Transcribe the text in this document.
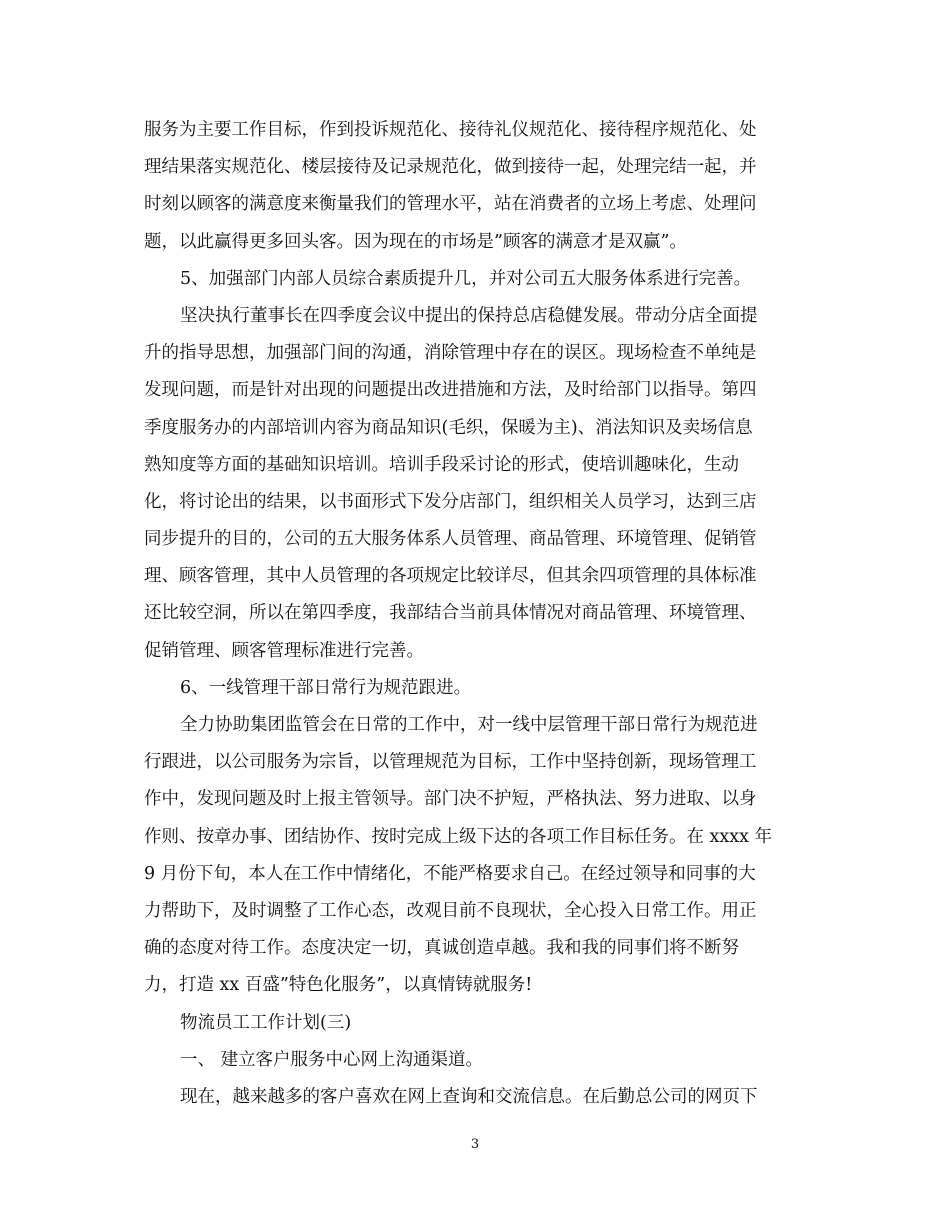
服务为主要工作目标，作到投诉规范化、接待礼仪规范化、接待程序规范化、处
理结果落实规范化、楼层接待及记录规范化，做到接待一起，处理完结一起，并
时刻以顾客的满意度来衡量我们的管理水平，站在消费者的立场上考虑、处理问
题，以此赢得更多回头客。因为现在的市场是”顾客的满意才是双赢”。
5、加强部门内部人员综合素质提升几，并对公司五大服务体系进行完善。
坚决执行董事长在四季度会议中提出的保持总店稳健发展。带动分店全面提
升的指导思想，加强部门间的沟通，消除管理中存在的误区。现场检查不单纯是
发现问题，而是针对出现的问题提出改进措施和方法，及时给部门以指导。第四
季度服务办的内部培训内容为商品知识(毛织，保暖为主)、消法知识及卖场信息
熟知度等方面的基础知识培训。培训手段采讨论的形式，使培训趣味化，生动
化，将讨论出的结果，以书面形式下发分店部门，组织相关人员学习，达到三店
同步提升的目的，公司的五大服务体系人员管理、商品管理、环境管理、促销管
理、顾客管理，其中人员管理的各项规定比较详尽，但其余四项管理的具体标准
还比较空洞，所以在第四季度，我部结合当前具体情况对商品管理、环境管理、
促销管理、顾客管理标准进行完善。
6、一线管理干部日常行为规范跟进。
全力协助集团监管会在日常的工作中，对一线中层管理干部日常行为规范进
行跟进，以公司服务为宗旨，以管理规范为目标，工作中坚持创新，现场管理工
作中，发现问题及时上报主管领导。部门决不护短，严格执法、努力进取、以身
作则、按章办事、团结协作、按时完成上级下达的各项工作目标任务。在 xxxx 年
9 月份下旬，本人在工作中情绪化，不能严格要求自己。在经过领导和同事的大
力帮助下，及时调整了工作心态，改观目前不良现状，全心投入日常工作。用正
确的态度对待工作。态度决定一切，真诚创造卓越。我和我的同事们将不断努
力，打造 xx 百盛”特色化服务”，以真情铸就服务!
物流员工工作计划(三)
一、 建立客户服务中心网上沟通渠道。
现在，越来越多的客户喜欢在网上查询和交流信息。在后勤总公司的网页下
3
